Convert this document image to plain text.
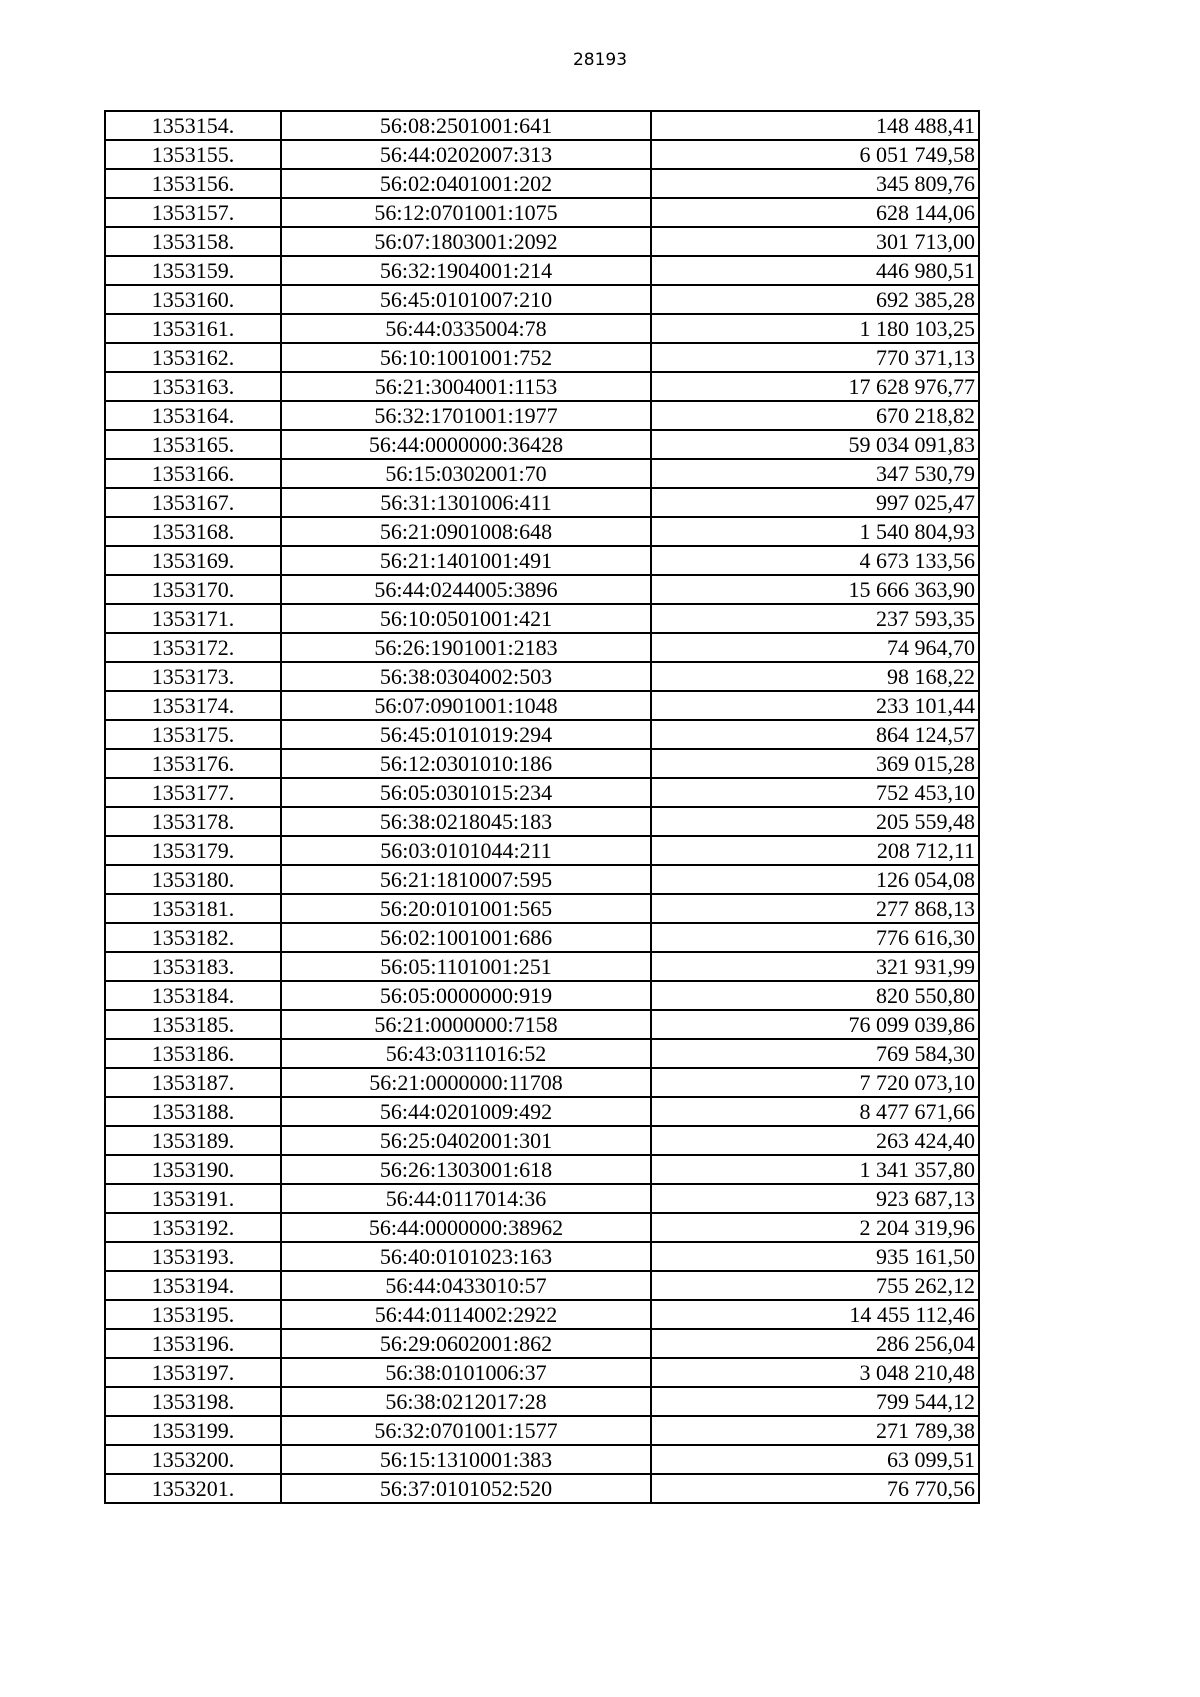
28193
1353154.	56:08:2501001:641	148 488,41
1353155.	56:44:0202007:313	6 051 749,58
1353156.	56:02:0401001:202	345 809,76
1353157.	56:12:0701001:1075	628 144,06
1353158.	56:07:1803001:2092	301 713,00
1353159.	56:32:1904001:214	446 980,51
1353160.	56:45:0101007:210	692 385,28
1353161.	56:44:0335004:78	1 180 103,25
1353162.	56:10:1001001:752	770 371,13
1353163.	56:21:3004001:1153	17 628 976,77
1353164.	56:32:1701001:1977	670 218,82
1353165.	56:44:0000000:36428	59 034 091,83
1353166.	56:15:0302001:70	347 530,79
1353167.	56:31:1301006:411	997 025,47
1353168.	56:21:0901008:648	1 540 804,93
1353169.	56:21:1401001:491	4 673 133,56
1353170.	56:44:0244005:3896	15 666 363,90
1353171.	56:10:0501001:421	237 593,35
1353172.	56:26:1901001:2183	74 964,70
1353173.	56:38:0304002:503	98 168,22
1353174.	56:07:0901001:1048	233 101,44
1353175.	56:45:0101019:294	864 124,57
1353176.	56:12:0301010:186	369 015,28
1353177.	56:05:0301015:234	752 453,10
1353178.	56:38:0218045:183	205 559,48
1353179.	56:03:0101044:211	208 712,11
1353180.	56:21:1810007:595	126 054,08
1353181.	56:20:0101001:565	277 868,13
1353182.	56:02:1001001:686	776 616,30
1353183.	56:05:1101001:251	321 931,99
1353184.	56:05:0000000:919	820 550,80
1353185.	56:21:0000000:7158	76 099 039,86
1353186.	56:43:0311016:52	769 584,30
1353187.	56:21:0000000:11708	7 720 073,10
1353188.	56:44:0201009:492	8 477 671,66
1353189.	56:25:0402001:301	263 424,40
1353190.	56:26:1303001:618	1 341 357,80
1353191.	56:44:0117014:36	923 687,13
1353192.	56:44:0000000:38962	2 204 319,96
1353193.	56:40:0101023:163	935 161,50
1353194.	56:44:0433010:57	755 262,12
1353195.	56:44:0114002:2922	14 455 112,46
1353196.	56:29:0602001:862	286 256,04
1353197.	56:38:0101006:37	3 048 210,48
1353198.	56:38:0212017:28	799 544,12
1353199.	56:32:0701001:1577	271 789,38
1353200.	56:15:1310001:383	63 099,51
1353201.	56:37:0101052:520	76 770,56
